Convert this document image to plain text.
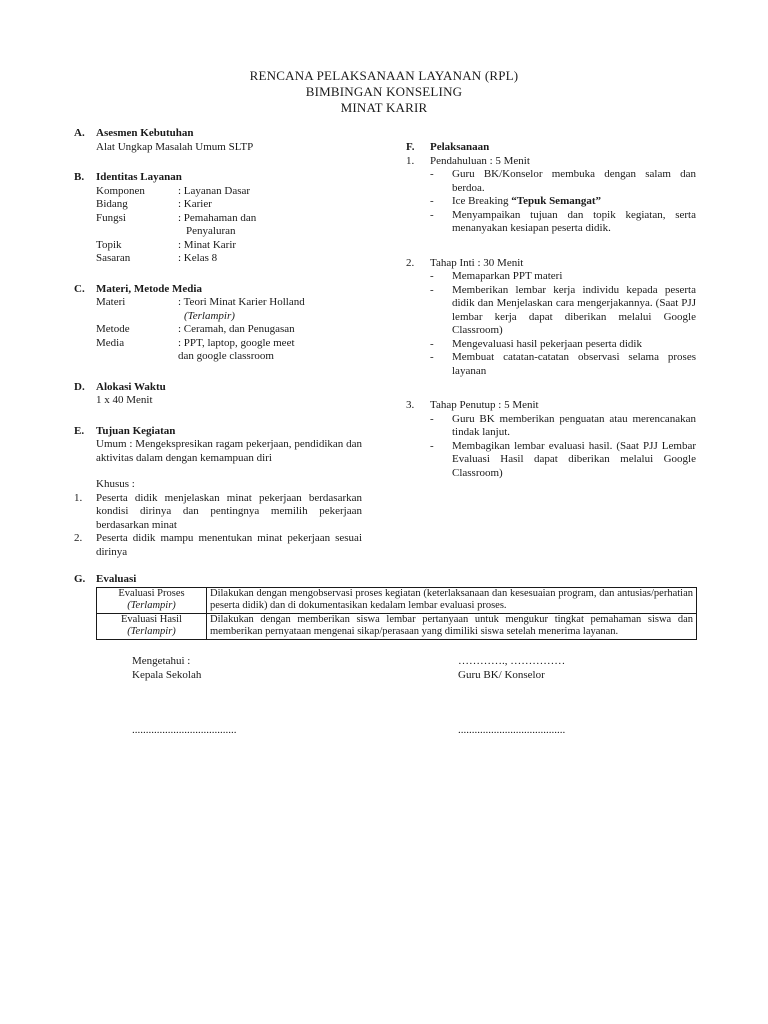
RENCANA PELAKSANAAN LAYANAN (RPL)
BIMBINGAN KONSELING
MINAT KARIR
A.	Asesmen Kebutuhan
Alat Ungkap Masalah Umum SLTP
B.	Identitas Layanan
Komponen	: Layanan Dasar
Bidang	: Karier
Fungsi	: Pemahaman dan
Penyaluran
Topik	: Minat Karir
Sasaran	: Kelas 8
C.	Materi, Metode Media
Materi	: Teori Minat Karier Holland
(Terlampir)
Metode	: Ceramah, dan Penugasan
Media	: PPT, laptop, google meet
dan google classroom
D.	Alokasi Waktu
1 x 40 Menit
E.	Tujuan Kegiatan
Umum : Mengekspresikan ragam pekerjaan, pendidikan dan aktivitas dalam dengan kemampuan diri
Khusus :
1.	Peserta didik menjelaskan minat pekerjaan berdasarkan kondisi dirinya dan pentingnya memilih pekerjaan berdasarkan minat
2.	Peserta didik mampu menentukan minat pekerjaan sesuai dirinya
F.	Pelaksanaan
1.	Pendahuluan : 5 Menit
-	Guru BK/Konselor membuka dengan salam dan berdoa.
-	Ice Breaking “Tepuk Semangat”
-	Menyampaikan tujuan dan topik kegiatan, serta menanyakan kesiapan peserta didik.
2.	Tahap Inti : 30 Menit
-	Memaparkan PPT materi
-	Memberikan lembar kerja individu kepada peserta didik dan Menjelaskan cara mengerjakannya. (Saat PJJ lembar kerja dapat diberikan melalui Google Classroom)
-	Mengevaluasi hasil pekerjaan peserta didik
-	Membuat catatan-catatan observasi selama proses layanan
3.	Tahap Penutup : 5 Menit
-	Guru BK memberikan penguatan atau merencanakan tindak lanjut.
-	Membagikan lembar evaluasi hasil. (Saat PJJ Lembar Evaluasi Hasil dapat diberikan melalui Google Classroom)
G. Evaluasi
Evaluasi Proses
(Terlampir)	Dilakukan dengan mengobservasi proses kegiatan (keterlaksanaan dan kesesuaian program, dan antusias/perhatian peserta didik) dan di dokumentasikan kedalam lembar evaluasi proses.

Evaluasi Hasil
(Terlampir)	Dilakukan dengan memberikan siswa lembar pertanyaan untuk mengukur tingkat pemahaman siswa dan memberikan pernyataan mengenai sikap/perasaan yang dimiliki siswa setelah menerima layanan.
Mengetahui :
Kepala Sekolah
…………., ……………
Guru BK/ Konselor
......................................	.......................................
